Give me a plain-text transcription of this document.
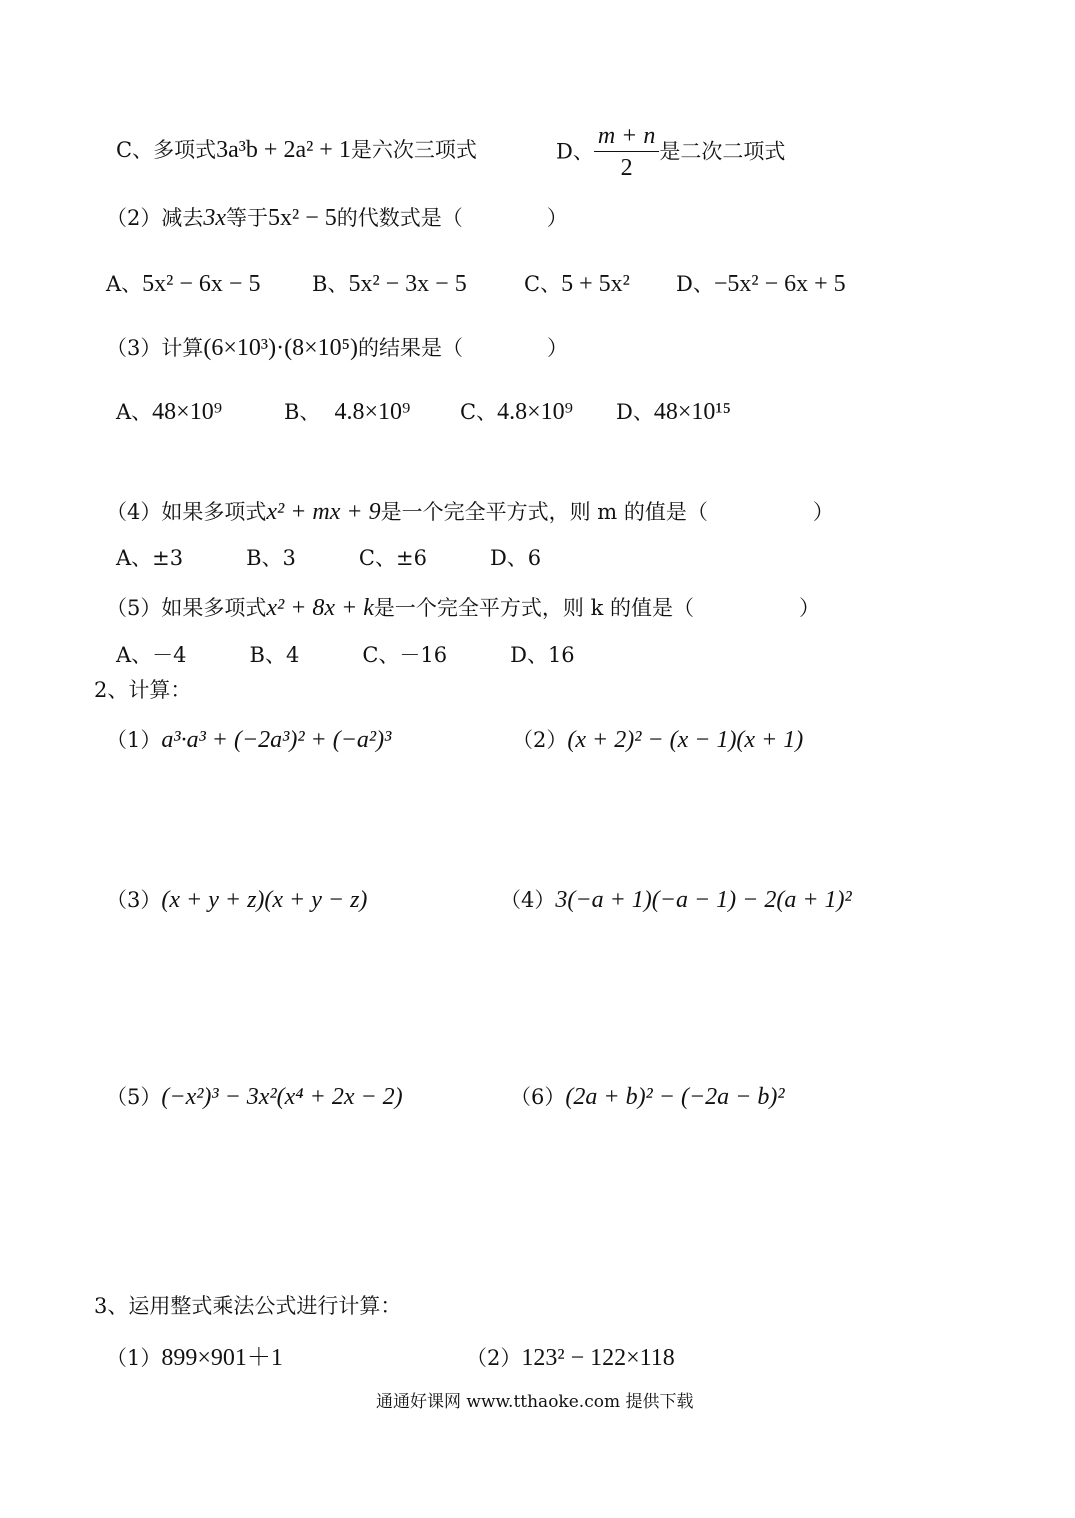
C、多项式3a³b + 2a² + 1是六次三项式	D、 $\frac{m + n}{2}$ 是二次二项式
（2）减去3x等于5x² − 5的代数式是（　　　　）
A、5x² − 6x − 5 B、5x² − 3x − 5	C、5 + 5x² D、−5x² − 6x + 5
（3）计算(6×10³)·(8×10⁵)的结果是（　　　　）
A、48×10⁹	B、 4.8×10⁹ C、4.8×10⁹ D、48×10¹⁵
（4）如果多项式x² + mx + 9是一个完全平方式，则 m 的值是（　　　　　）
A、±3　　　B、3　　　C、±6　　　D、6
（5）如果多项式x² + 8x + k是一个完全平方式，则 k 的值是（　　　　　）
A、－4　　　B、4　　　C、－16　　　D、16
2、计算：
（1）a³·a³ + (−2a³)² + (−a²)³	（2）(x + 2)² − (x − 1)(x + 1)
（3）(x + y + z)(x + y − z)	（4）3(−a + 1)(−a − 1) − 2(a + 1)²
（5）(−x²)³ − 3x²(x⁴ + 2x − 2)	（6）(2a + b)² − (−2a − b)²
3、运用整式乘法公式进行计算：
（1）899×901＋1	（2）123² − 122×118
通通好课网 www.tthaoke.com 提供下载
